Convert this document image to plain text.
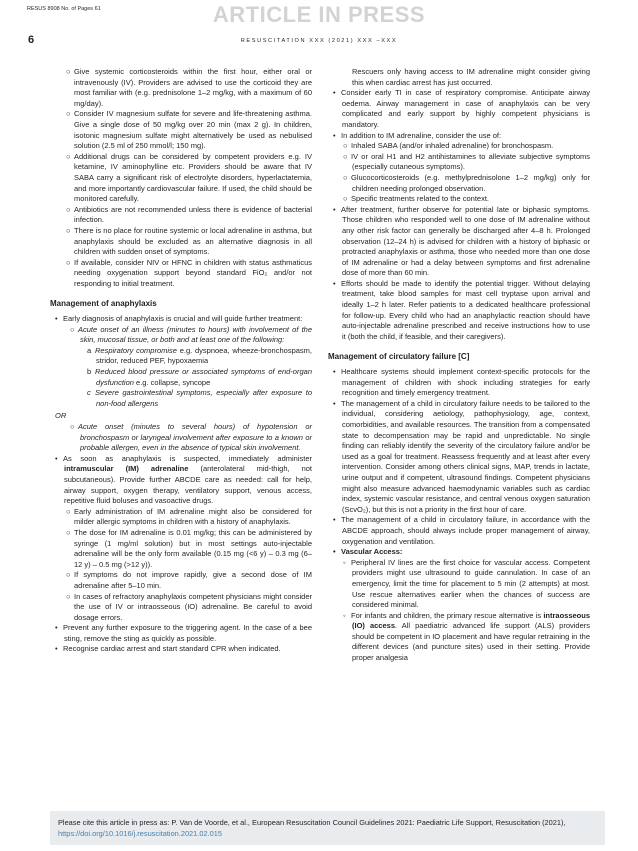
RESUS 8908 No. of Pages 61	ARTICLE IN PRESS
6	RESUSCITATION XXX (2021) XXX –XXX

○ Give systemic corticosteroids within the first hour, either oral or intravenously (IV). Providers are advised to use the corticoid they are most familiar with (e.g. prednisolone 1–2 mg/kg, with a maximum of 60 mg/day).

○ Consider IV magnesium sulfate for severe and life-threatening asthma. Give a single dose of 50 mg/kg over 20 min (max 2 g). In children, isotonic magnesium sulfate might alternatively be used as nebulised solution (2.5 ml of 250 mmol/l; 150 mg).

○ Additional drugs can be considered by competent providers e.g. IV ketamine, IV aminophylline etc. Providers should be aware that IV SABA carry a significant risk of electrolyte disorders, hyperlactatemia, and more importantly cardiovascular failure. If used, the child should be monitored carefully.

○ Antibiotics are not recommended unless there is evidence of bacterial infection.

○ There is no place for routine systemic or local adrenaline in asthma, but anaphylaxis should be excluded as an alternative diagnosis in all children with sudden onset of symptoms.

○ If available, consider NIV or HFNC in children with status asthmaticus needing oxygenation support beyond standard FiO₂ and/or not responding to initial treatment.

Management of anaphylaxis

• Early diagnosis of anaphylaxis is crucial and will guide further treatment:

○ Acute onset of an illness (minutes to hours) with involvement of the skin, mucosal tissue, or both and at least one of the following:

a Respiratory compromise e.g. dyspnoea, wheeze-bronchospasm, stridor, reduced PEF, hypoxaemia

b Reduced blood pressure or associated symptoms of end-organ dysfunction e.g. collapse, syncope

c Severe gastrointestinal symptoms, especially after exposure to non-food allergens

OR

○ Acute onset (minutes to several hours) of hypotension or bronchospasm or laryngeal involvement after exposure to a known or probable allergen, even in the absence of typical skin involvement.

• As soon as anaphylaxis is suspected, immediately administer intramuscular (IM) adrenaline (anterolateral mid-thigh, not subcutaneous). Provide further ABCDE care as needed: call for help, airway support, oxygen therapy, ventilatory support, venous access, repetitive fluid boluses and vasoactive drugs.

○ Early administration of IM adrenaline might also be considered for milder allergic symptoms in children with a history of anaphylaxis.

○ The dose for IM adrenaline is 0.01 mg/kg; this can be administered by syringe (1 mg/ml solution) but in most settings auto-injectable adrenaline will be the only form available (0.15 mg (<6 y) – 0.3 mg (6–12 y) – 0.5 mg (>12 y)).

○ If symptoms do not improve rapidly, give a second dose of IM adrenaline after 5–10 min.

○ In cases of refractory anaphylaxis competent physicians might consider the use of IV or intraosseous (IO) adrenaline. Be careful to avoid dosage errors.

• Prevent any further exposure to the triggering agent. In the case of a bee sting, remove the sting as quickly as possible.

• Recognise cardiac arrest and start standard CPR when indicated.

Rescuers only having access to IM adrenaline might consider giving this when cardiac arrest has just occurred.

• Consider early TI in case of respiratory compromise. Anticipate airway oedema. Airway management in case of anaphylaxis can be very complicated and early support by highly competent physicians is mandatory.

• In addition to IM adrenaline, consider the use of:

○ Inhaled SABA (and/or inhaled adrenaline) for bronchospasm.

○ IV or oral H1 and H2 antihistamines to alleviate subjective symptoms (especially cutaneous symptoms).

○ Glucocorticosteroids (e.g. methylprednisolone 1–2 mg/kg) only for children needing prolonged observation.

○ Specific treatments related to the context.

• After treatment, further observe for potential late or biphasic symptoms. Those children who responded well to one dose of IM adrenaline without any other risk factor can generally be discharged after 4–8 h. Prolonged observation (12–24 h) is advised for children with a history of biphasic or protracted anaphylaxis or asthma, those who needed more than one dose of IM adrenaline or had a delay between symptoms and first adrenaline dose of more than 60 min.

• Efforts should be made to identify the potential trigger. Without delaying treatment, take blood samples for mast cell tryptase upon arrival and ideally 1–2 h later. Refer patients to a dedicated healthcare professional for follow-up. Every child who had an anaphylactic reaction should have auto-injectable adrenaline prescribed and receive instructions how to use it (both the child, if feasible, and their caregivers).

Management of circulatory failure [C]

• Healthcare systems should implement context-specific protocols for the management of children with shock including strategies for early recognition and timely emergency treatment.

• The management of a child in circulatory failure needs to be tailored to the individual, considering aetiology, pathophysiology, age, context, comorbidities, and available resources. The transition from a compensated state to decompensation may be rapid and unpredictable. No single finding can reliably identify the severity of the circulatory failure and/or be used as a goal for treatment. Reassess frequently and at least after every intervention. Consider among others clinical signs, MAP, trends in lactate, urine output and if competent, ultrasound findings. Competent physicians might also measure advanced haemodynamic variables such as cardiac index, systemic vascular resistance, and central venous oxygen saturation (ScvO₂), but this is not a priority in the first hour of care.

• The management of a child in circulatory failure, in accordance with the ABCDE approach, should always include proper management of airway, oxygenation and ventilation.

• Vascular Access:

◦ Peripheral IV lines are the first choice for vascular access. Competent providers might use ultrasound to guide cannulation. In case of an emergency, limit the time for placement to 5 min (2 attempts) at most. Use rescue alternatives earlier when the chances of success are considered minimal.

◦ For infants and children, the primary rescue alternative is intraosseous (IO) access. All paediatric advanced life support (ALS) providers should be competent in IO placement and have regular retraining in the different devices (and puncture sites) used in their setting. Provide proper analgesia

Please cite this article in press as: P. Van de Voorde, et al., European Resuscitation Council Guidelines 2021: Paediatric Life Support, Resuscitation (2021), https://doi.org/10.1016/j.resuscitation.2021.02.015
